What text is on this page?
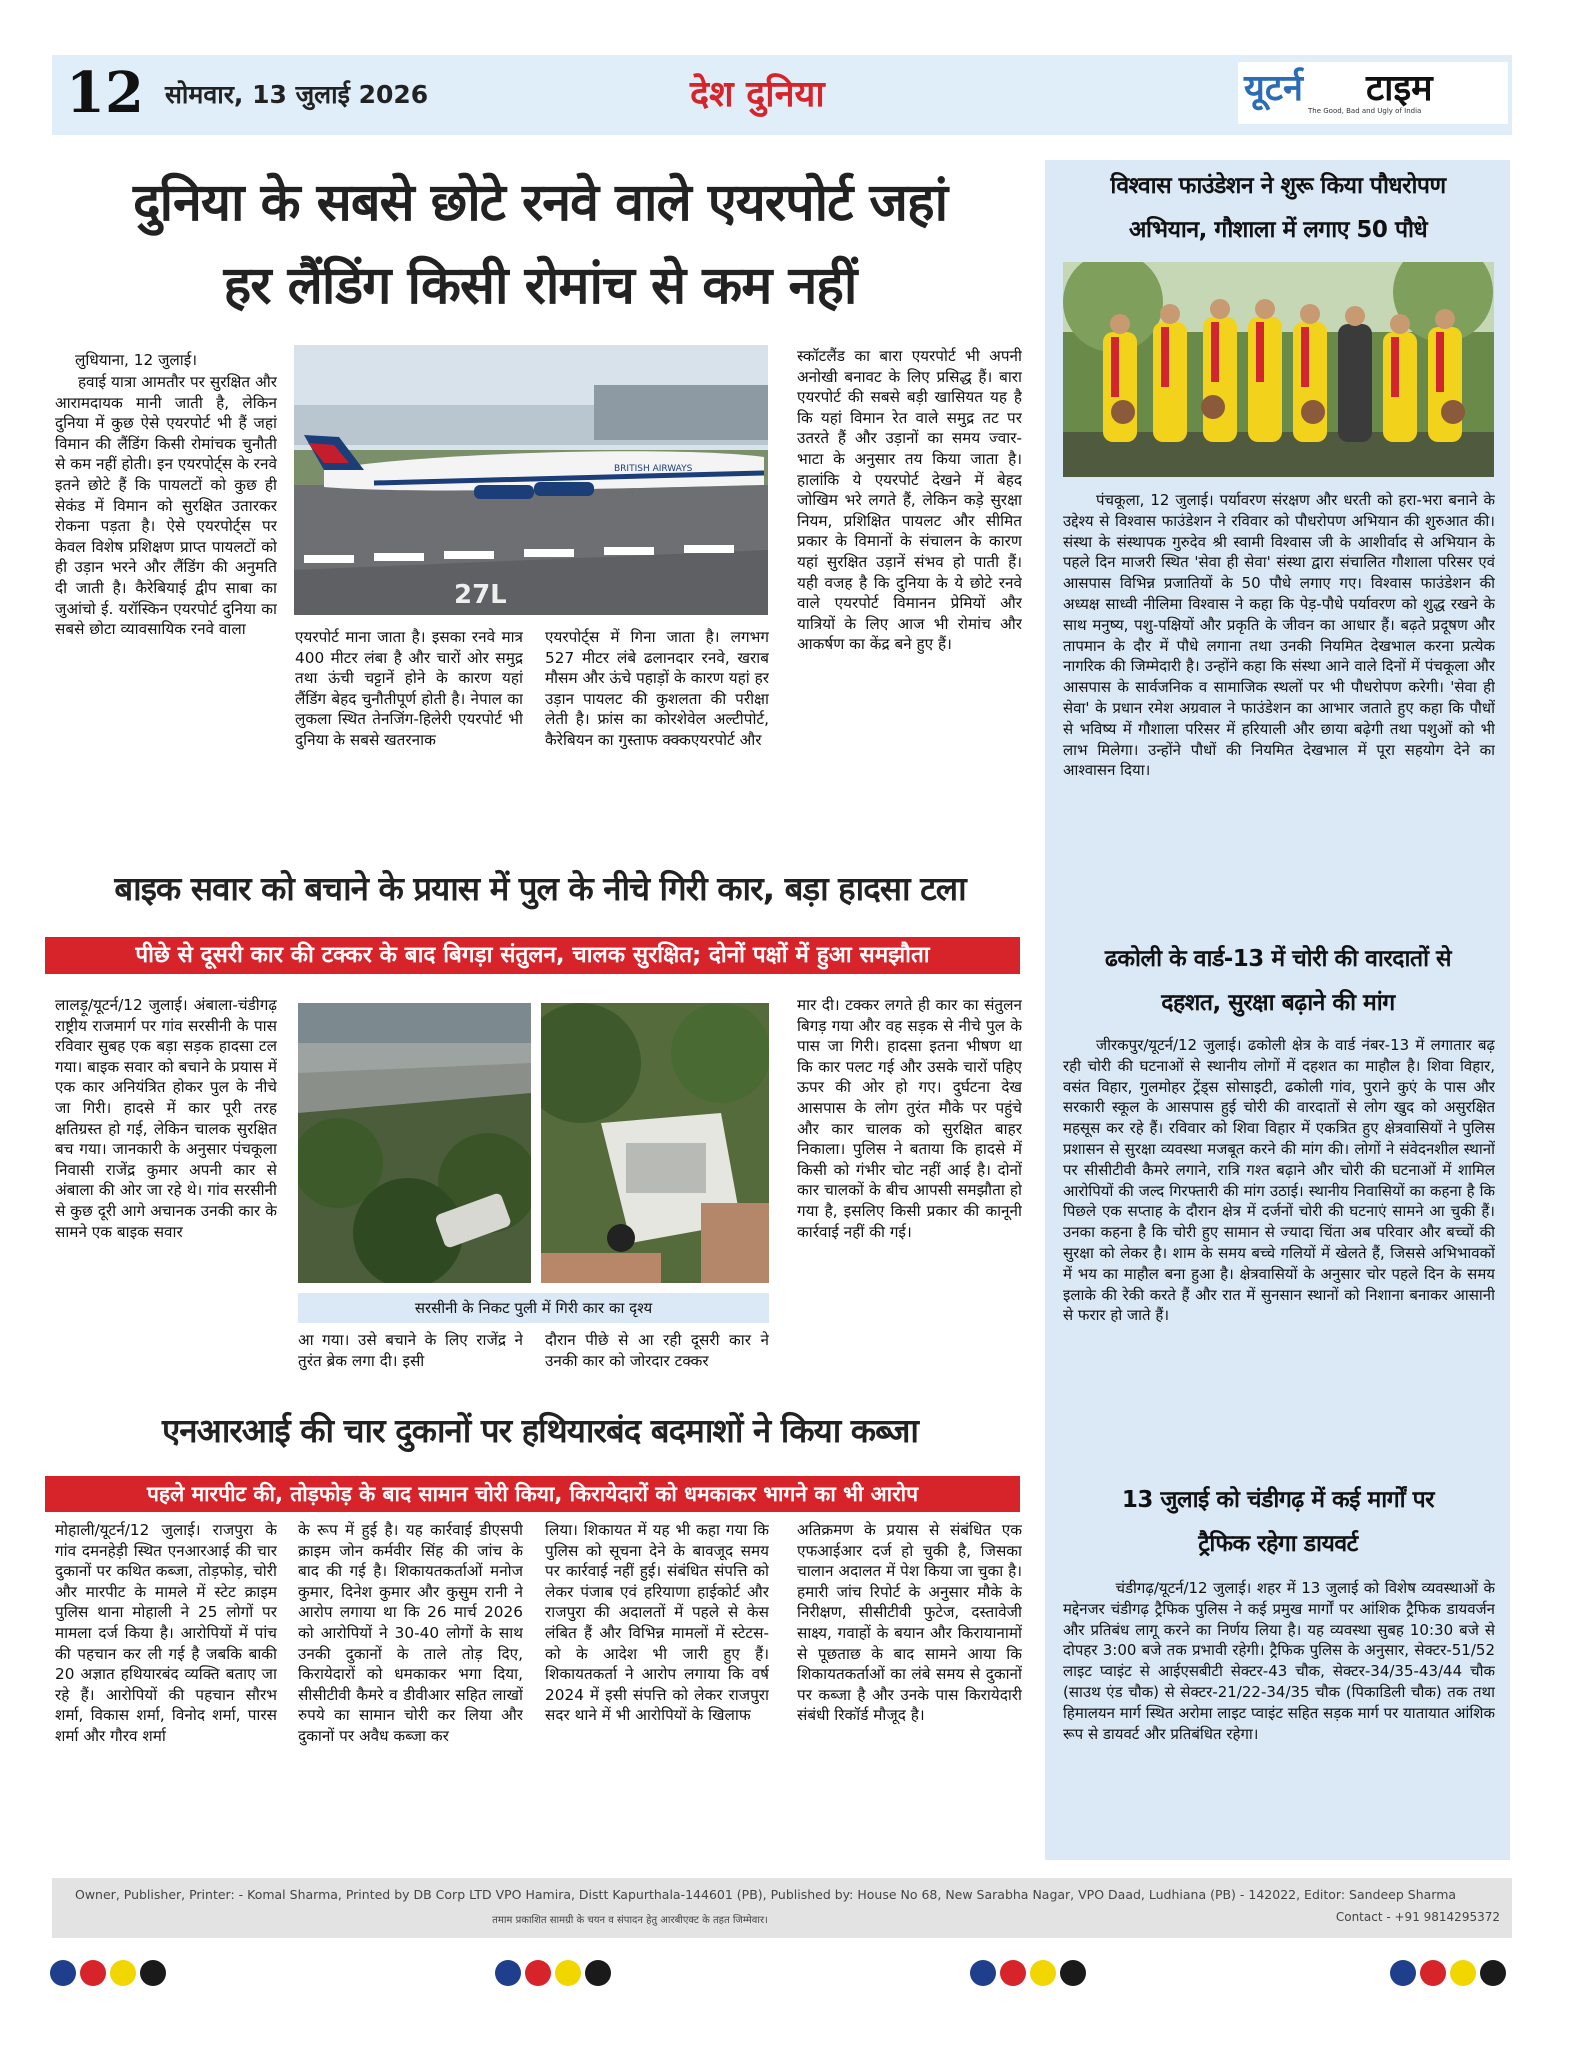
12 सोमवार, 13 जुलाई 2026	देश दुनिया	यूटर्न टाइम
The Good, Bad and Ugly of India
दुनिया के सबसे छोटे रनवे वाले एयरपोर्ट जहां
हर लैंडिंग किसी रोमांच से कम नहीं
लुधियाना, 12 जुलाई।
हवाई यात्रा आमतौर पर सुरक्षित और आरामदायक मानी जाती है, लेकिन दुनिया में कुछ ऐसे एयरपोर्ट भी हैं जहां विमान की लैंडिंग किसी रोमांचक चुनौती से कम नहीं होती। इन एयरपोर्ट्स के रनवे इतने छोटे हैं कि पायलटों को कुछ ही सेकंड में विमान को सुरक्षित उतारकर रोकना पड़ता है। ऐसे एयरपोर्ट्स पर केवल विशेष प्रशिक्षण प्राप्त पायलटों को ही उड़ान भरने और लैंडिंग की अनुमति दी जाती है। कैरेबियाई द्वीप साबा का जुआंचो ई. यरॉस्किन एयरपोर्ट दुनिया का सबसे छोटा व्यावसायिक रनवे वाला
27L
BRITISH AIRWAYS
एयरपोर्ट माना जाता है। इसका रनवे मात्र 400 मीटर लंबा है और चारों ओर समुद्र तथा ऊंची चट्टानें होने के कारण यहां लैंडिंग बेहद चुनौतीपूर्ण होती है। नेपाल का लुकला स्थित तेनजिंग-हिलेरी एयरपोर्ट भी दुनिया के सबसे खतरनाक
एयरपोर्ट्स में गिना जाता है। लगभग 527 मीटर लंबे ढलानदार रनवे, खराब मौसम और ऊंचे पहाड़ों के कारण यहां हर उड़ान पायलट की कुशलता की परीक्षा लेती है। फ्रांस का कोरशेवेल अल्टीपोर्ट, कैरेबियन का गुस्ताफ क्क्कएयरपोर्ट और
स्कॉटलैंड का बारा एयरपोर्ट भी अपनी अनोखी बनावट के लिए प्रसिद्ध हैं। बारा एयरपोर्ट की सबसे बड़ी खासियत यह है कि यहां विमान रेत वाले समुद्र तट पर उतरते हैं और उड़ानों का समय ज्वार-भाटा के अनुसार तय किया जाता है। हालांकि ये एयरपोर्ट देखने में बेहद जोखिम भरे लगते हैं, लेकिन कड़े सुरक्षा नियम, प्रशिक्षित पायलट और सीमित प्रकार के विमानों के संचालन के कारण यहां सुरक्षित उड़ानें संभव हो पाती हैं। यही वजह है कि दुनिया के ये छोटे रनवे वाले एयरपोर्ट विमानन प्रेमियों और यात्रियों के लिए आज भी रोमांच और आकर्षण का केंद्र बने हुए हैं।
बाइक सवार को बचाने के प्रयास में पुल के नीचे गिरी कार, बड़ा हादसा टला
पीछे से दूसरी कार की टक्कर के बाद बिगड़ा संतुलन, चालक सुरक्षित; दोनों पक्षों में हुआ समझौता
लालड़ू/यूटर्न/12 जुलाई। अंबाला-चंडीगढ़ राष्ट्रीय राजमार्ग पर गांव सरसीनी के पास रविवार सुबह एक बड़ा सड़क हादसा टल गया। बाइक सवार को बचाने के प्रयास में एक कार अनियंत्रित होकर पुल के नीचे जा गिरी। हादसे में कार पूरी तरह क्षतिग्रस्त हो गई, लेकिन चालक सुरक्षित बच गया। जानकारी के अनुसार पंचकूला निवासी राजेंद्र कुमार अपनी कार से अंबाला की ओर जा रहे थे। गांव सरसीनी से कुछ दूरी आगे अचानक उनकी कार के सामने एक बाइक सवार
सरसीनी के निकट पुली में गिरी कार का दृश्य
आ गया। उसे बचाने के लिए राजेंद्र ने तुरंत ब्रेक लगा दी। इसी
दौरान पीछे से आ रही दूसरी कार ने उनकी कार को जोरदार टक्कर
मार दी। टक्कर लगते ही कार का संतुलन बिगड़ गया और वह सड़क से नीचे पुल के पास जा गिरी। हादसा इतना भीषण था कि कार पलट गई और उसके चारों पहिए ऊपर की ओर हो गए। दुर्घटना देख आसपास के लोग तुरंत मौके पर पहुंचे और कार चालक को सुरक्षित बाहर निकाला। पुलिस ने बताया कि हादसे में किसी को गंभीर चोट नहीं आई है। दोनों कार चालकों के बीच आपसी समझौता हो गया है, इसलिए किसी प्रकार की कानूनी कार्रवाई नहीं की गई।
एनआरआई की चार दुकानों पर हथियारबंद बदमाशों ने किया कब्जा
पहले मारपीट की, तोड़फोड़ के बाद सामान चोरी किया, किरायेदारों को धमकाकर भागने का भी आरोप
मोहाली/यूटर्न/12 जुलाई। राजपुरा के गांव दमनहेड़ी स्थित एनआरआई की चार दुकानों पर कथित कब्जा, तोड़फोड़, चोरी और मारपीट के मामले में स्टेट क्राइम पुलिस थाना मोहाली ने 25 लोगों पर मामला दर्ज किया है। आरोपियों में पांच की पहचान कर ली गई है जबकि बाकी 20 अज्ञात हथियारबंद व्यक्ति बताए जा रहे हैं। आरोपियों की पहचान सौरभ शर्मा, विकास शर्मा, विनोद शर्मा, पारस शर्मा और गौरव शर्मा
के रूप में हुई है। यह कार्रवाई डीएसपी क्राइम जोन कर्मवीर सिंह की जांच के बाद की गई है। शिकायतकर्ताओं मनोज कुमार, दिनेश कुमार और कुसुम रानी ने आरोप लगाया था कि 26 मार्च 2026 को आरोपियों ने 30-40 लोगों के साथ उनकी दुकानों के ताले तोड़ दिए, किरायेदारों को धमकाकर भगा दिया, सीसीटीवी कैमरे व डीवीआर सहित लाखों रुपये का सामान चोरी कर लिया और दुकानों पर अवैध कब्जा कर
लिया। शिकायत में यह भी कहा गया कि पुलिस को सूचना देने के बावजूद समय पर कार्रवाई नहीं हुई। संबंधित संपत्ति को लेकर पंजाब एवं हरियाणा हाईकोर्ट और राजपुरा की अदालतों में पहले से केस लंबित हैं और विभिन्न मामलों में स्टेटस-को के आदेश भी जारी हुए हैं। शिकायतकर्ता ने आरोप लगाया कि वर्ष 2024 में इसी संपत्ति को लेकर राजपुरा सदर थाने में भी आरोपियों के खिलाफ
अतिक्रमण के प्रयास से संबंधित एक एफआईआर दर्ज हो चुकी है, जिसका चालान अदालत में पेश किया जा चुका है। हमारी जांच रिपोर्ट के अनुसार मौके के निरीक्षण, सीसीटीवी फुटेज, दस्तावेजी साक्ष्य, गवाहों के बयान और किरायानामों से पूछताछ के बाद सामने आया कि शिकायतकर्ताओं का लंबे समय से दुकानों पर कब्जा है और उनके पास किरायेदारी संबंधी रिकॉर्ड मौजूद है।
विश्वास फाउंडेशन ने शुरू किया पौधरोपण
अभियान, गौशाला में लगाए 50 पौधे
पंचकूला, 12 जुलाई। पर्यावरण संरक्षण और धरती को हरा-भरा बनाने के उद्देश्य से विश्वास फाउंडेशन ने रविवार को पौधरोपण अभियान की शुरुआत की। संस्था के संस्थापक गुरुदेव श्री स्वामी विश्वास जी के आशीर्वाद से अभियान के पहले दिन माजरी स्थित 'सेवा ही सेवा' संस्था द्वारा संचालित गौशाला परिसर एवं आसपास विभिन्न प्रजातियों के 50 पौधे लगाए गए। विश्वास फाउंडेशन की अध्यक्ष साध्वी नीलिमा विश्वास ने कहा कि पेड़-पौधे पर्यावरण को शुद्ध रखने के साथ मनुष्य, पशु-पक्षियों और प्रकृति के जीवन का आधार हैं। बढ़ते प्रदूषण और तापमान के दौर में पौधे लगाना तथा उनकी नियमित देखभाल करना प्रत्येक नागरिक की जिम्मेदारी है। उन्होंने कहा कि संस्था आने वाले दिनों में पंचकूला और आसपास के सार्वजनिक व सामाजिक स्थलों पर भी पौधरोपण करेगी। 'सेवा ही सेवा' के प्रधान रमेश अग्रवाल ने फाउंडेशन का आभार जताते हुए कहा कि पौधों से भविष्य में गौशाला परिसर में हरियाली और छाया बढ़ेगी तथा पशुओं को भी लाभ मिलेगा। उन्होंने पौधों की नियमित देखभाल में पूरा सहयोग देने का आश्वासन दिया।
ढकोली के वार्ड-13 में चोरी की वारदातों से
दहशत, सुरक्षा बढ़ाने की मांग
जीरकपुर/यूटर्न/12 जुलाई। ढकोली क्षेत्र के वार्ड नंबर-13 में लगातार बढ़ रही चोरी की घटनाओं से स्थानीय लोगों में दहशत का माहौल है। शिवा विहार, वसंत विहार, गुलमोहर ट्रेंड्स सोसाइटी, ढकोली गांव, पुराने कुएं के पास और सरकारी स्कूल के आसपास हुई चोरी की वारदातों से लोग खुद को असुरक्षित महसूस कर रहे हैं। रविवार को शिवा विहार में एकत्रित हुए क्षेत्रवासियों ने पुलिस प्रशासन से सुरक्षा व्यवस्था मजबूत करने की मांग की। लोगों ने संवेदनशील स्थानों पर सीसीटीवी कैमरे लगाने, रात्रि गश्त बढ़ाने और चोरी की घटनाओं में शामिल आरोपियों की जल्द गिरफ्तारी की मांग उठाई। स्थानीय निवासियों का कहना है कि पिछले एक सप्ताह के दौरान क्षेत्र में दर्जनों चोरी की घटनाएं सामने आ चुकी हैं। उनका कहना है कि चोरी हुए सामान से ज्यादा चिंता अब परिवार और बच्चों की सुरक्षा को लेकर है। शाम के समय बच्चे गलियों में खेलते हैं, जिससे अभिभावकों में भय का माहौल बना हुआ है। क्षेत्रवासियों के अनुसार चोर पहले दिन के समय इलाके की रेकी करते हैं और रात में सुनसान स्थानों को निशाना बनाकर आसानी से फरार हो जाते हैं।
13 जुलाई को चंडीगढ़ में कई मार्गों पर
ट्रैफिक रहेगा डायवर्ट
चंडीगढ़/यूटर्न/12 जुलाई। शहर में 13 जुलाई को विशेष व्यवस्थाओं के मद्देनजर चंडीगढ़ ट्रैफिक पुलिस ने कई प्रमुख मार्गों पर आंशिक ट्रैफिक डायवर्जन और प्रतिबंध लागू करने का निर्णय लिया है। यह व्यवस्था सुबह 10:30 बजे से दोपहर 3:00 बजे तक प्रभावी रहेगी। ट्रैफिक पुलिस के अनुसार, सेक्टर-51/52 लाइट प्वाइंट से आईएसबीटी सेक्टर-43 चौक, सेक्टर-34/35-43/44 चौक (साउथ एंड चौक) से सेक्टर-21/22-34/35 चौक (पिकाडिली चौक) तक तथा हिमालयन मार्ग स्थित अरोमा लाइट प्वाइंट सहित सड़क मार्ग पर यातायात आंशिक रूप से डायवर्ट और प्रतिबंधित रहेगा।
Owner, Publisher, Printer: - Komal Sharma, Printed by DB Corp LTD VPO Hamira, Distt Kapurthala-144601 (PB), Published by: House No 68, New Sarabha Nagar, VPO Daad, Ludhiana (PB) - 142022, Editor: Sandeep Sharma
Contact - +91 9814295372
तमाम प्रकाशित सामग्री के चयन व संपादन हेतु आरबीएक्ट के तहत जिम्मेवार।
